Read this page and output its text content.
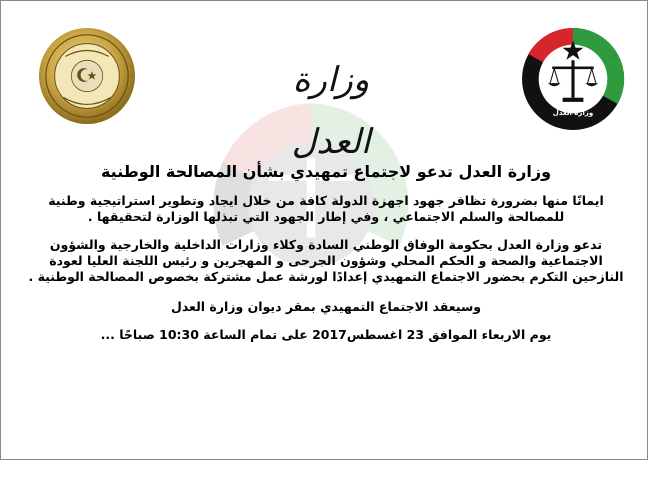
وزارة العدل
وزارة العدل
وزارة العدل تدعو لاجتماع تمهيدي بشأن المصالحة الوطنية
ايمانًا منها بضرورة تظافر جهود اجهزة الدولة كافة من خلال ايجاد وتطوير استراتيجية وطنية للمصالحة والسلم الاجتماعي ، وفي إطار الجهود التي تبذلها الوزارة لتحقيقها .
تدعو وزارة العدل بحكومة الوفاق الوطني السادة وكلاء وزارات الداخلية والخارجية والشؤون الاجتماعية والصحة و الحكم المحلي وشؤون الجرحى و المهجرين و رئيس اللجنة العليا لعودة النازحين التكرم بحضور الاجتماع التمهيدي إعدادًا لورشة عمل مشتركة بخصوص المصالحة الوطنية .
وسيعقد الاجتماع التمهيدي بمقر ديوان وزارة العدل
يوم الاربعاء الموافق 23 اغسطس2017 على تمام الساعة 10:30 صباحًا ...
